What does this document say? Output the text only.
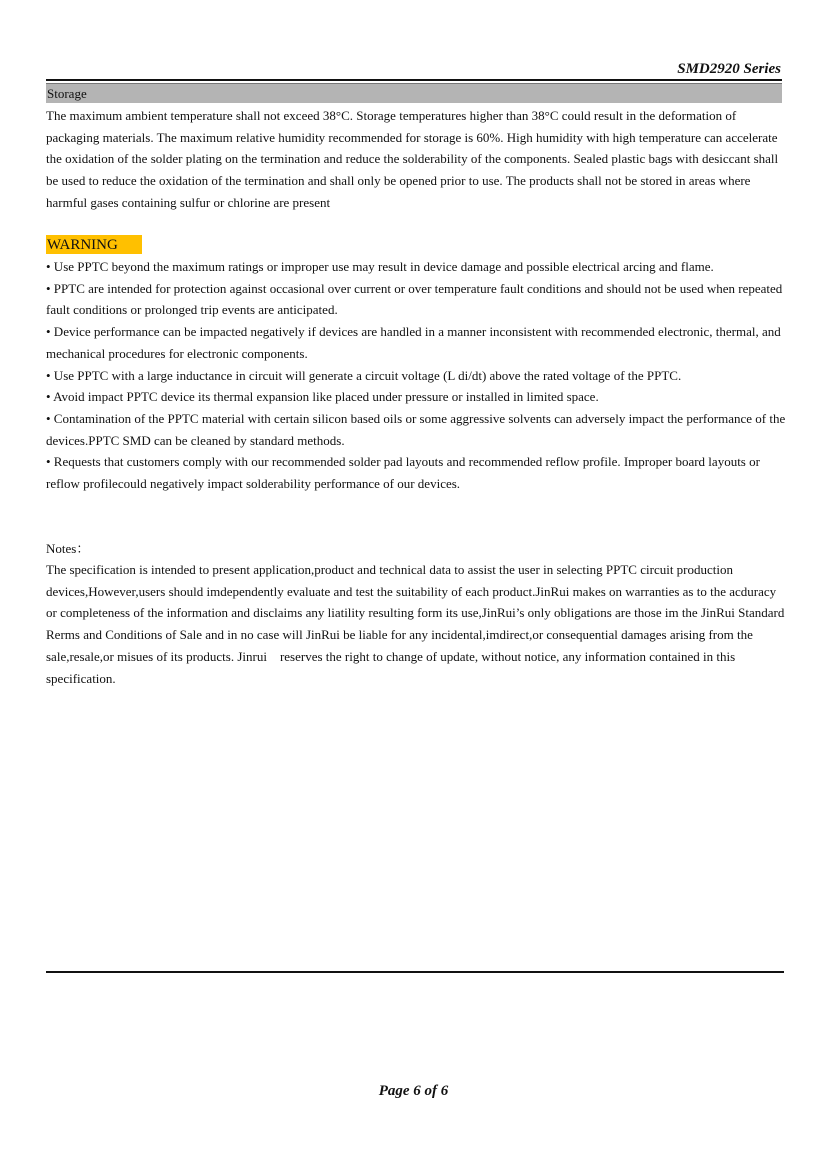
SMD2920 Series
Storage
The maximum ambient temperature shall not exceed 38°C. Storage temperatures higher than 38°C could result in the deformation of packaging materials. The maximum relative humidity recommended for storage is 60%. High humidity with high temperature can accelerate the oxidation of the solder plating on the termination and reduce the solderability of the components. Sealed plastic bags with desiccant shall be used to reduce the oxidation of the termination and shall only be opened prior to use. The products shall not be stored in areas where harmful gases containing sulfur or chlorine are present
WARNING
• Use PPTC beyond the maximum ratings or improper use may result in device damage and possible electrical arcing and flame.
• PPTC are intended for protection against occasional over current or over temperature fault conditions and should not be used when repeated fault conditions or prolonged trip events are anticipated.
• Device performance can be impacted negatively if devices are handled in a manner inconsistent with recommended electronic, thermal, and mechanical procedures for electronic components.
• Use PPTC with a large inductance in circuit will generate a circuit voltage (L di/dt) above the rated voltage of the PPTC.
• Avoid impact PPTC device its thermal expansion like placed under pressure or installed in limited space.
• Contamination of the PPTC material with certain silicon based oils or some aggressive solvents can adversely impact the performance of the devices.PPTC SMD can be cleaned by standard methods.
• Requests that customers comply with our recommended solder pad layouts and recommended reflow profile. Improper board layouts or reflow profilecould negatively impact solderability performance of our devices.
Notes：
The specification is intended to present application,product and technical data to assist the user in selecting PPTC circuit production devices,However,users should imdependently evaluate and test the suitability of each product.JinRui makes on warranties as to the acduracy or completeness of the information and disclaims any liatility resulting form its use,JinRui’s only obligations are those im the JinRui Standard Rerms and Conditions of Sale and in no case will JinRui be liable for any incidental,imdirect,or consequential damages arising from the sale,resale,or misues of its products. Jinrui    reserves the right to change of update, without notice, any information contained in this specification.
Page 6 of 6
